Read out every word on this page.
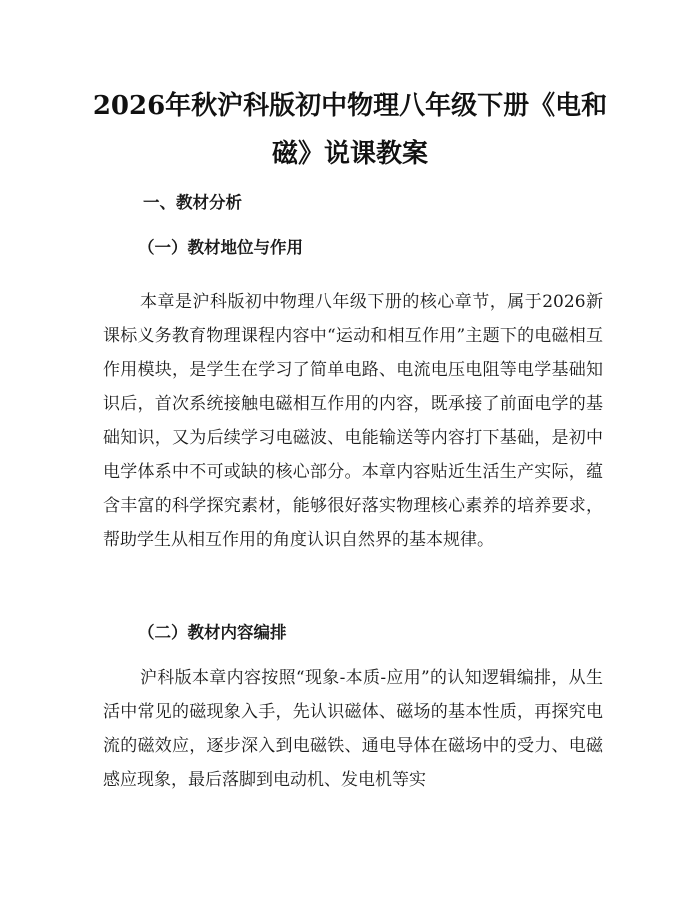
2026年秋沪科版初中物理八年级下册《电和磁》说课教案
一、教材分析
（一）教材地位与作用

本章是沪科版初中物理八年级下册的核心章节，属于2026新课标义务教育物理课程内容中“运动和相互作用”主题下的电磁相互作用模块，是学生在学习了简单电路、电流电压电阻等电学基础知识后，首次系统接触电磁相互作用的内容，既承接了前面电学的基础知识，又为后续学习电磁波、电能输送等内容打下基础，是初中电学体系中不可或缺的核心部分。本章内容贴近生活生产实际，蕴含丰富的科学探究素材，能够很好落实物理核心素养的培养要求，帮助学生从相互作用的角度认识自然界的基本规律。

（二）教材内容编排

沪科版本章内容按照“现象-本质-应用”的认知逻辑编排，从生活中常见的磁现象入手，先认识磁体、磁场的基本性质，再探究电流的磁效应，逐步深入到电磁铁、通电导体在磁场中的受力、电磁感应现象，最后落脚到电动机、发电机等实
